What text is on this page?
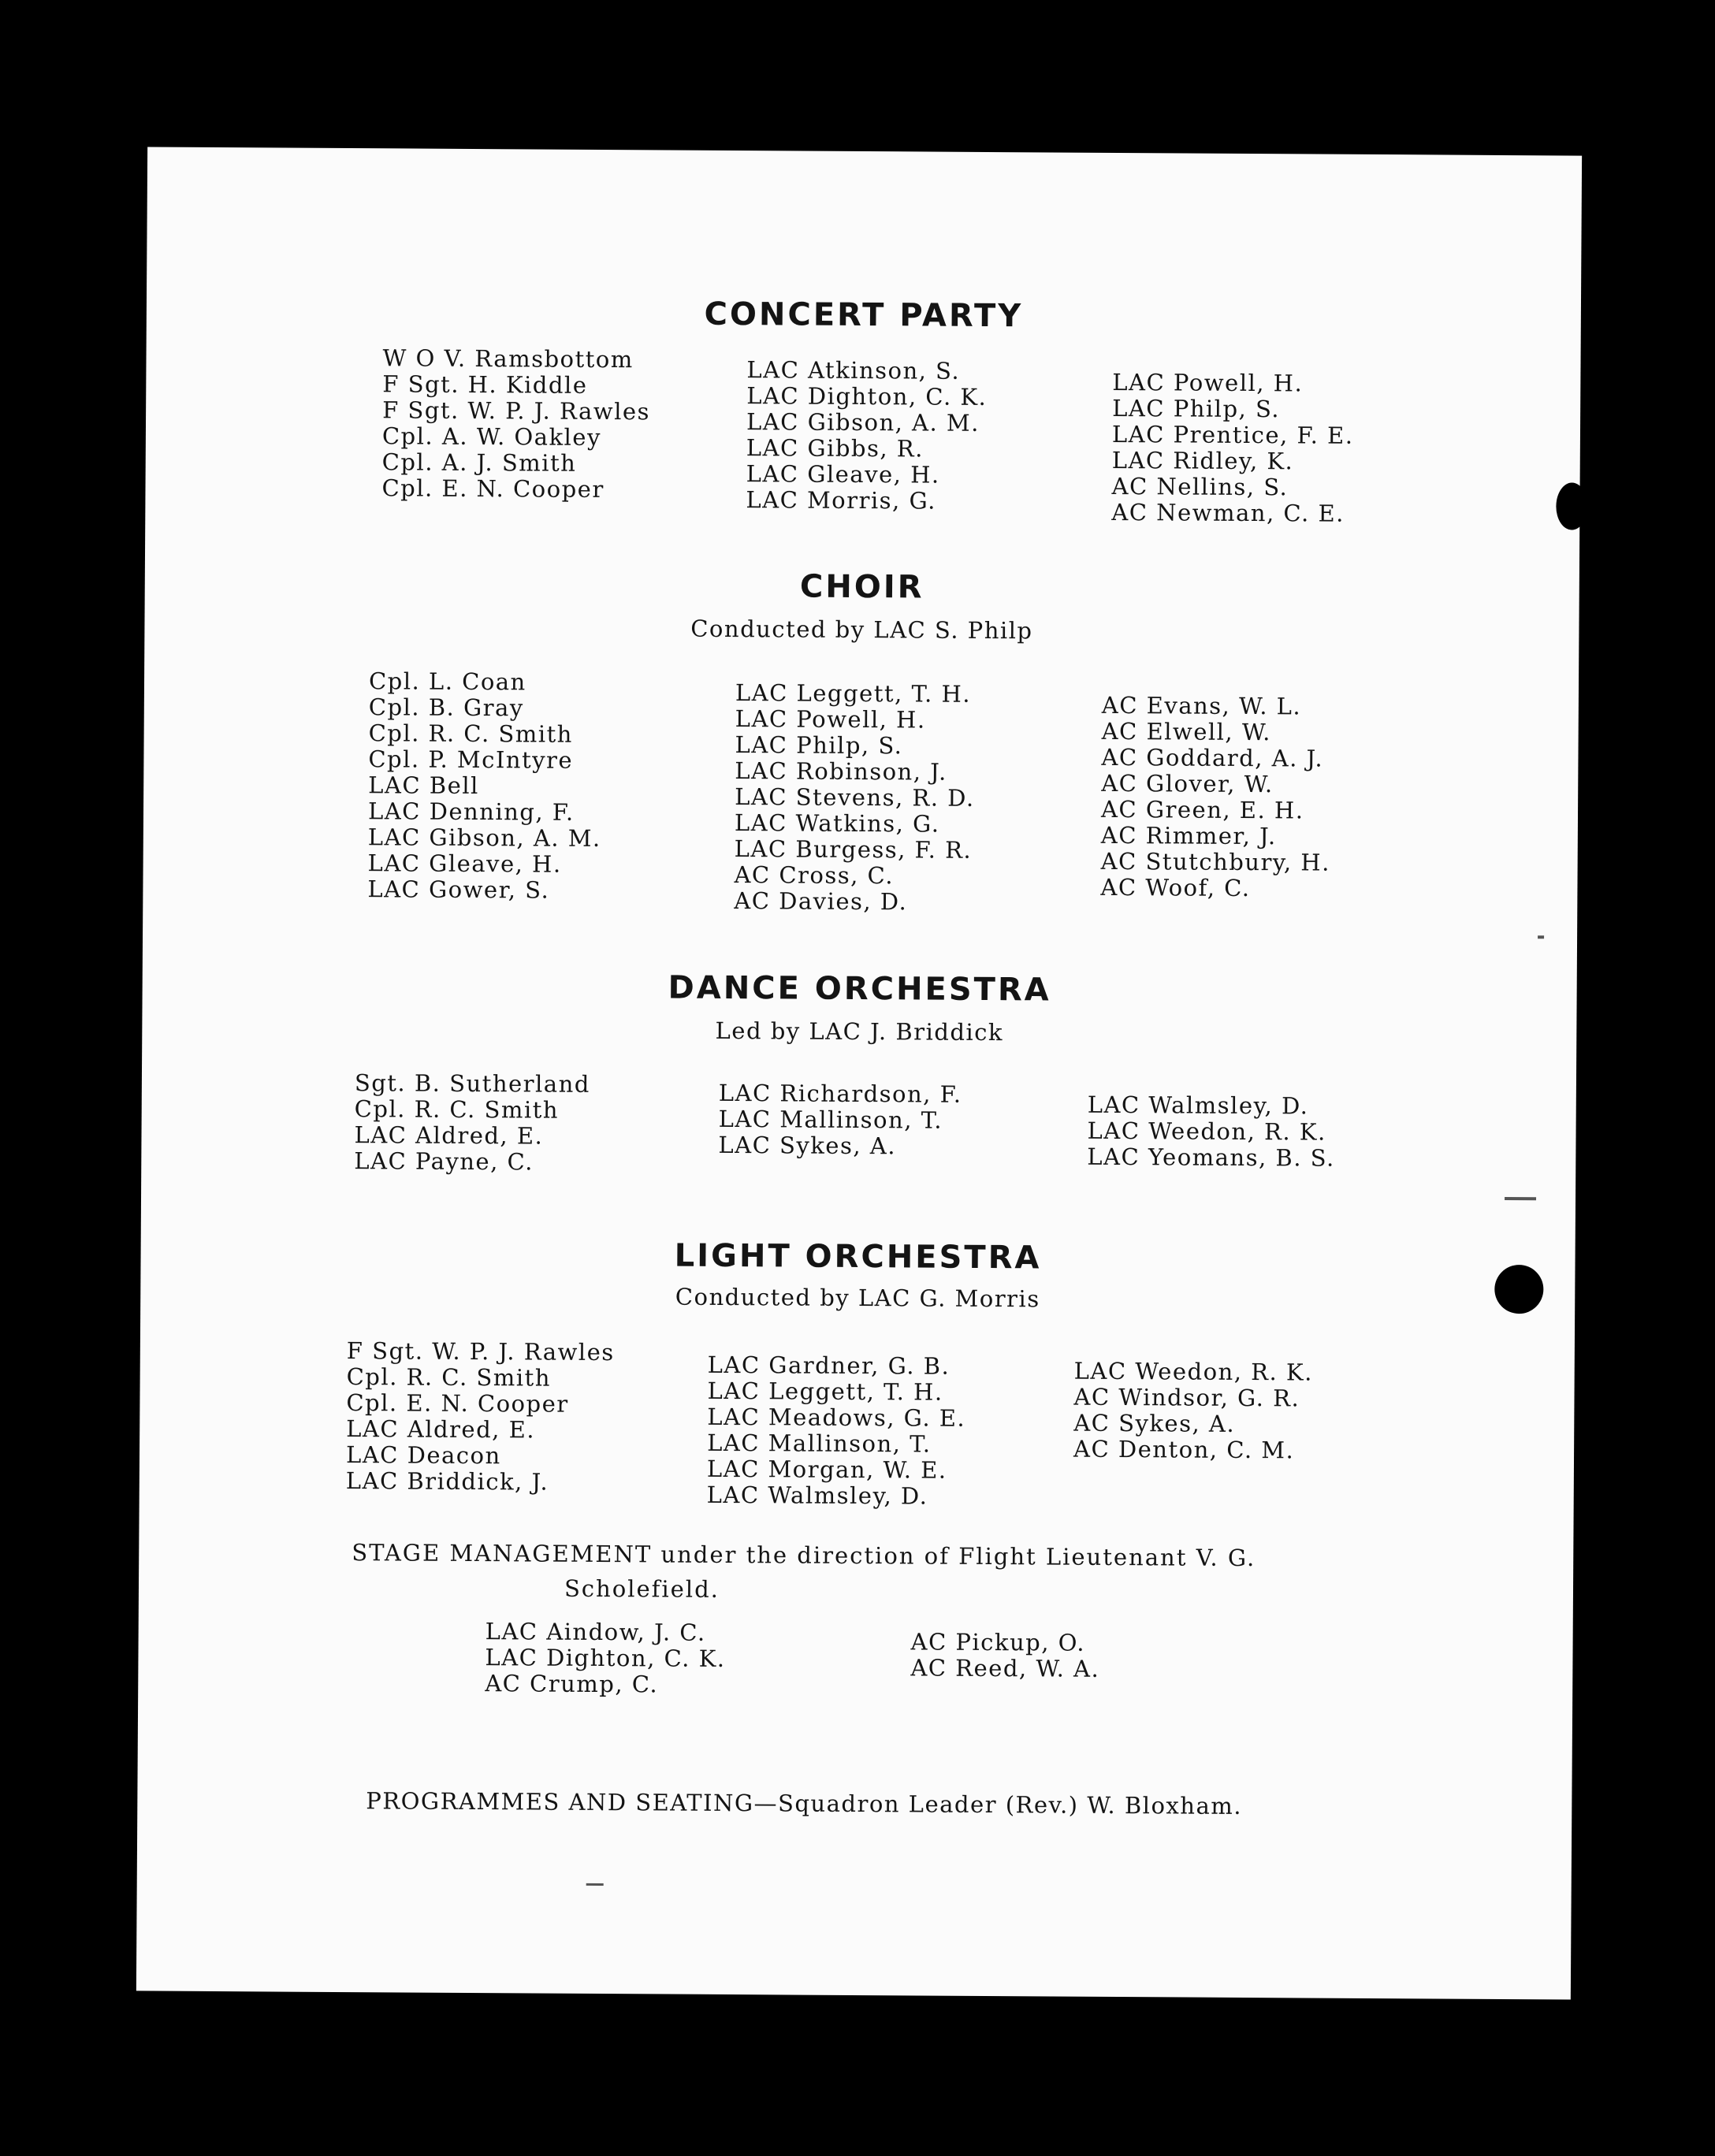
CONCERT PARTY
W O V. Ramsbottom
F Sgt. H. Kiddle
F Sgt. W. P. J. Rawles
Cpl. A. W. Oakley
Cpl. A. J. Smith
Cpl. E. N. Cooper
LAC Atkinson, S.
LAC Dighton, C. K.
LAC Gibson, A. M.
LAC Gibbs, R.
LAC Gleave, H.
LAC Morris, G.
LAC Powell, H.
LAC Philp, S.
LAC Prentice, F. E.
LAC Ridley, K.
AC Nellins, S.
AC Newman, C. E.
CHOIR
Conducted by LAC S. Philp
Cpl. L. Coan
Cpl. B. Gray
Cpl. R. C. Smith
Cpl. P. McIntyre
LAC Bell
LAC Denning, F.
LAC Gibson, A. M.
LAC Gleave, H.
LAC Gower, S.
LAC Leggett, T. H.
LAC Powell, H.
LAC Philp, S.
LAC Robinson, J.
LAC Stevens, R. D.
LAC Watkins, G.
LAC Burgess, F. R.
AC Cross, C.
AC Davies, D.
AC Evans, W. L.
AC Elwell, W.
AC Goddard, A. J.
AC Glover, W.
AC Green, E. H.
AC Rimmer, J.
AC Stutchbury, H.
AC Woof, C.
DANCE ORCHESTRA
Led by LAC J. Briddick
Sgt. B. Sutherland
Cpl. R. C. Smith
LAC Aldred, E.
LAC Payne, C.
LAC Richardson, F.
LAC Mallinson, T.
LAC Sykes, A.
LAC Walmsley, D.
LAC Weedon, R. K.
LAC Yeomans, B. S.
LIGHT ORCHESTRA
Conducted by LAC G. Morris
F Sgt. W. P. J. Rawles
Cpl. R. C. Smith
Cpl. E. N. Cooper
LAC Aldred, E.
LAC Deacon
LAC Briddick, J.
LAC Gardner, G. B.
LAC Leggett, T. H.
LAC Meadows, G. E.
LAC Mallinson, T.
LAC Morgan, W. E.
LAC Walmsley, D.
LAC Weedon, R. K.
AC Windsor, G. R.
AC Sykes, A.
AC Denton, C. M.
STAGE MANAGEMENT under the direction of Flight Lieutenant V. G.
Scholefield.
LAC Aindow, J. C.
LAC Dighton, C. K.
AC Crump, C.
AC Pickup, O.
AC Reed, W. A.
PROGRAMMES AND SEATING—Squadron Leader (Rev.) W. Bloxham.
